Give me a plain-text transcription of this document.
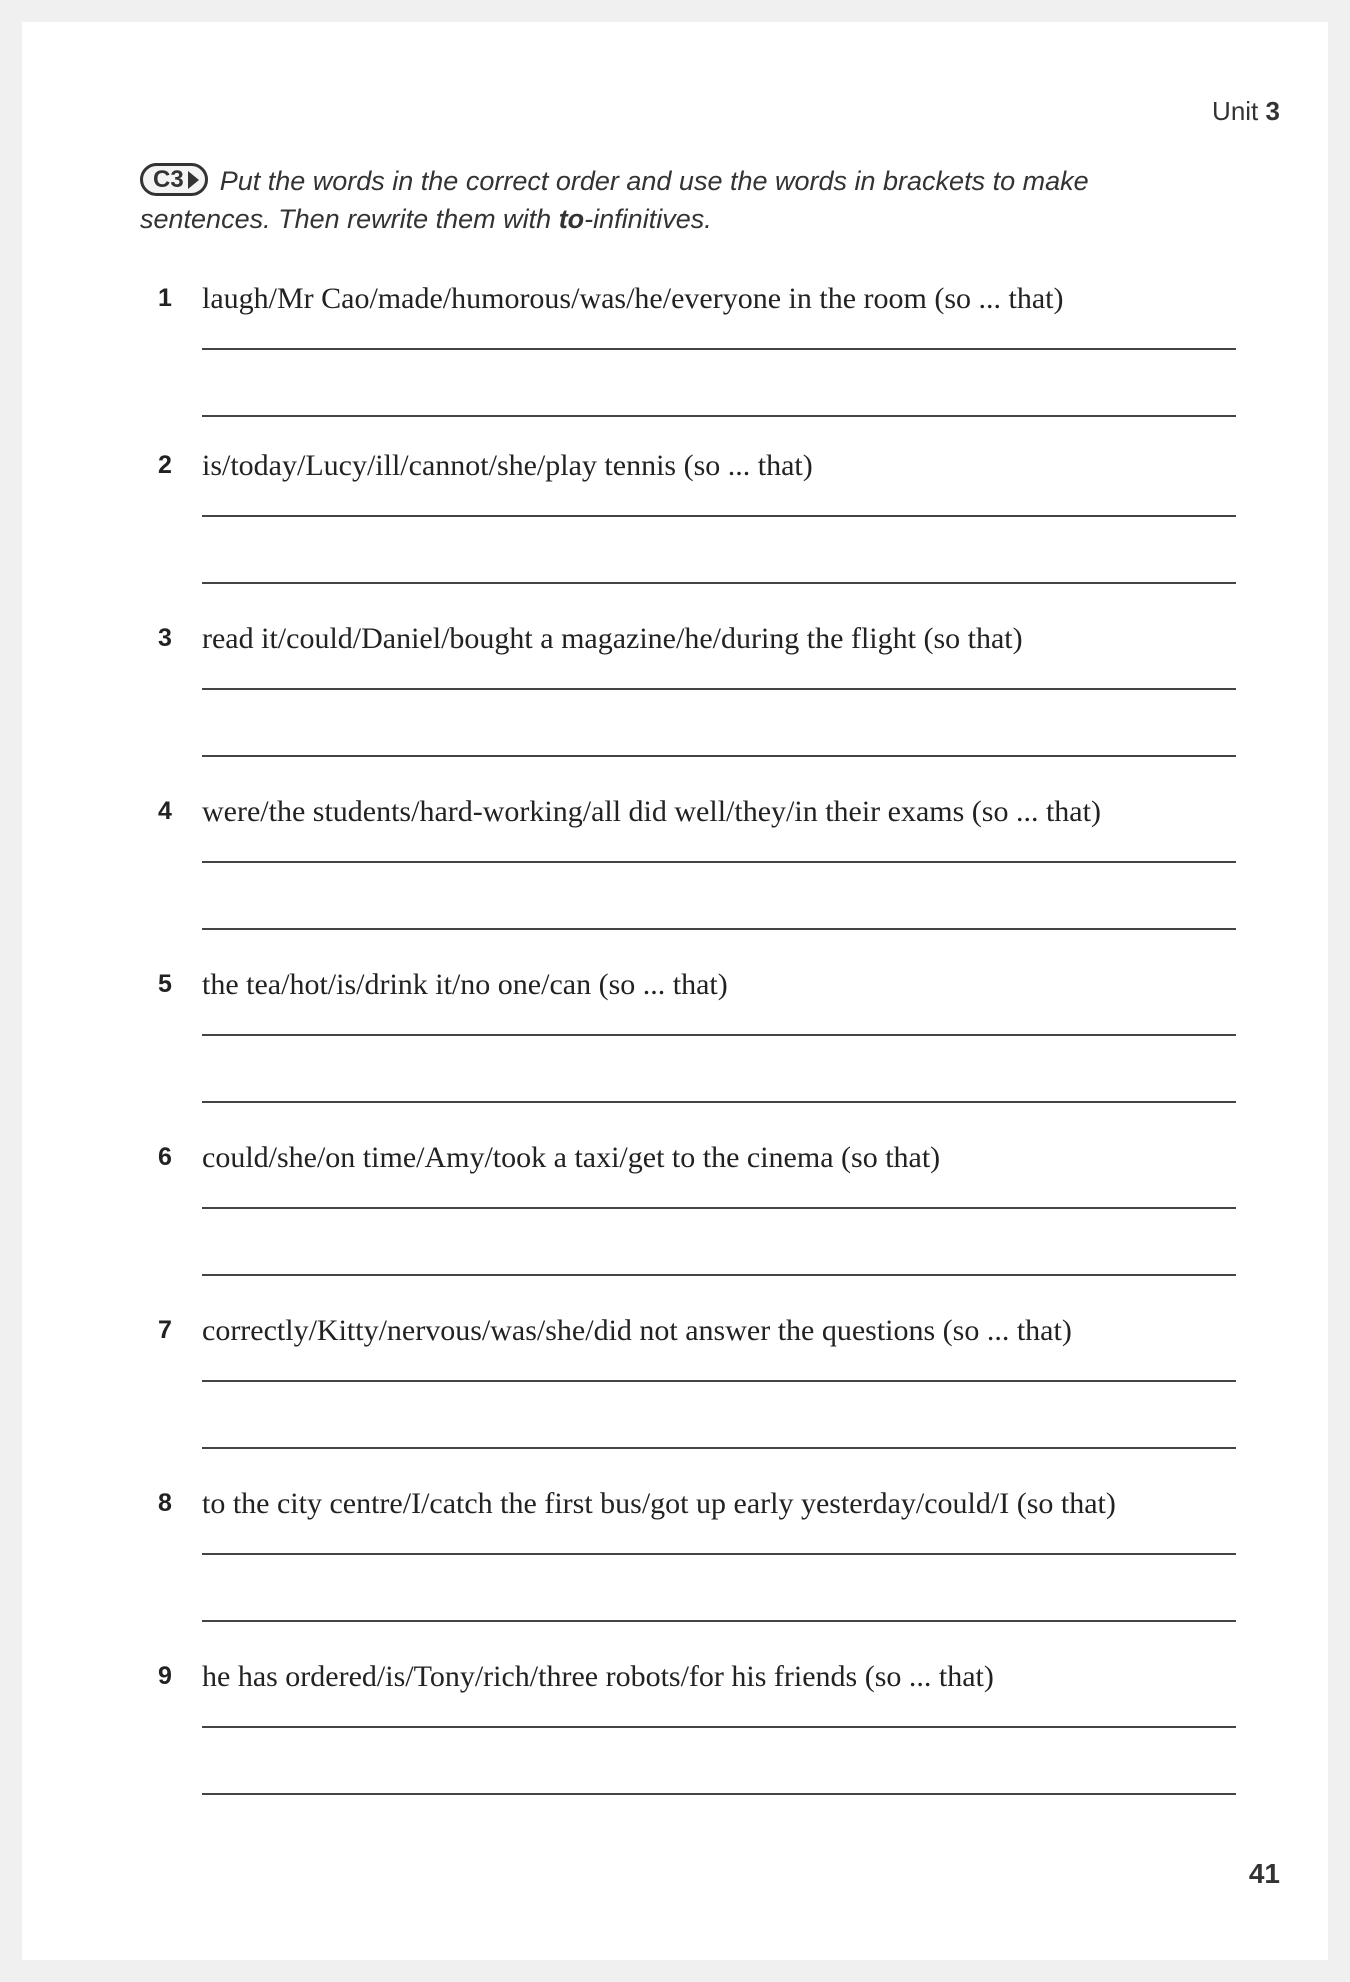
Unit 3
C3 Put the words in the correct order and use the words in brackets to make sentences. Then rewrite them with to-infinitives.
1 laugh/Mr Cao/made/humorous/was/he/everyone in the room (so ... that)
2 is/today/Lucy/ill/cannot/she/play tennis (so ... that)
3 read it/could/Daniel/bought a magazine/he/during the flight (so that)
4 were/the students/hard-working/all did well/they/in their exams (so ... that)
5 the tea/hot/is/drink it/no one/can (so ... that)
6 could/she/on time/Amy/took a taxi/get to the cinema (so that)
7 correctly/Kitty/nervous/was/she/did not answer the questions (so ... that)
8 to the city centre/I/catch the first bus/got up early yesterday/could/I (so that)
9 he has ordered/is/Tony/rich/three robots/for his friends (so ... that)
41
